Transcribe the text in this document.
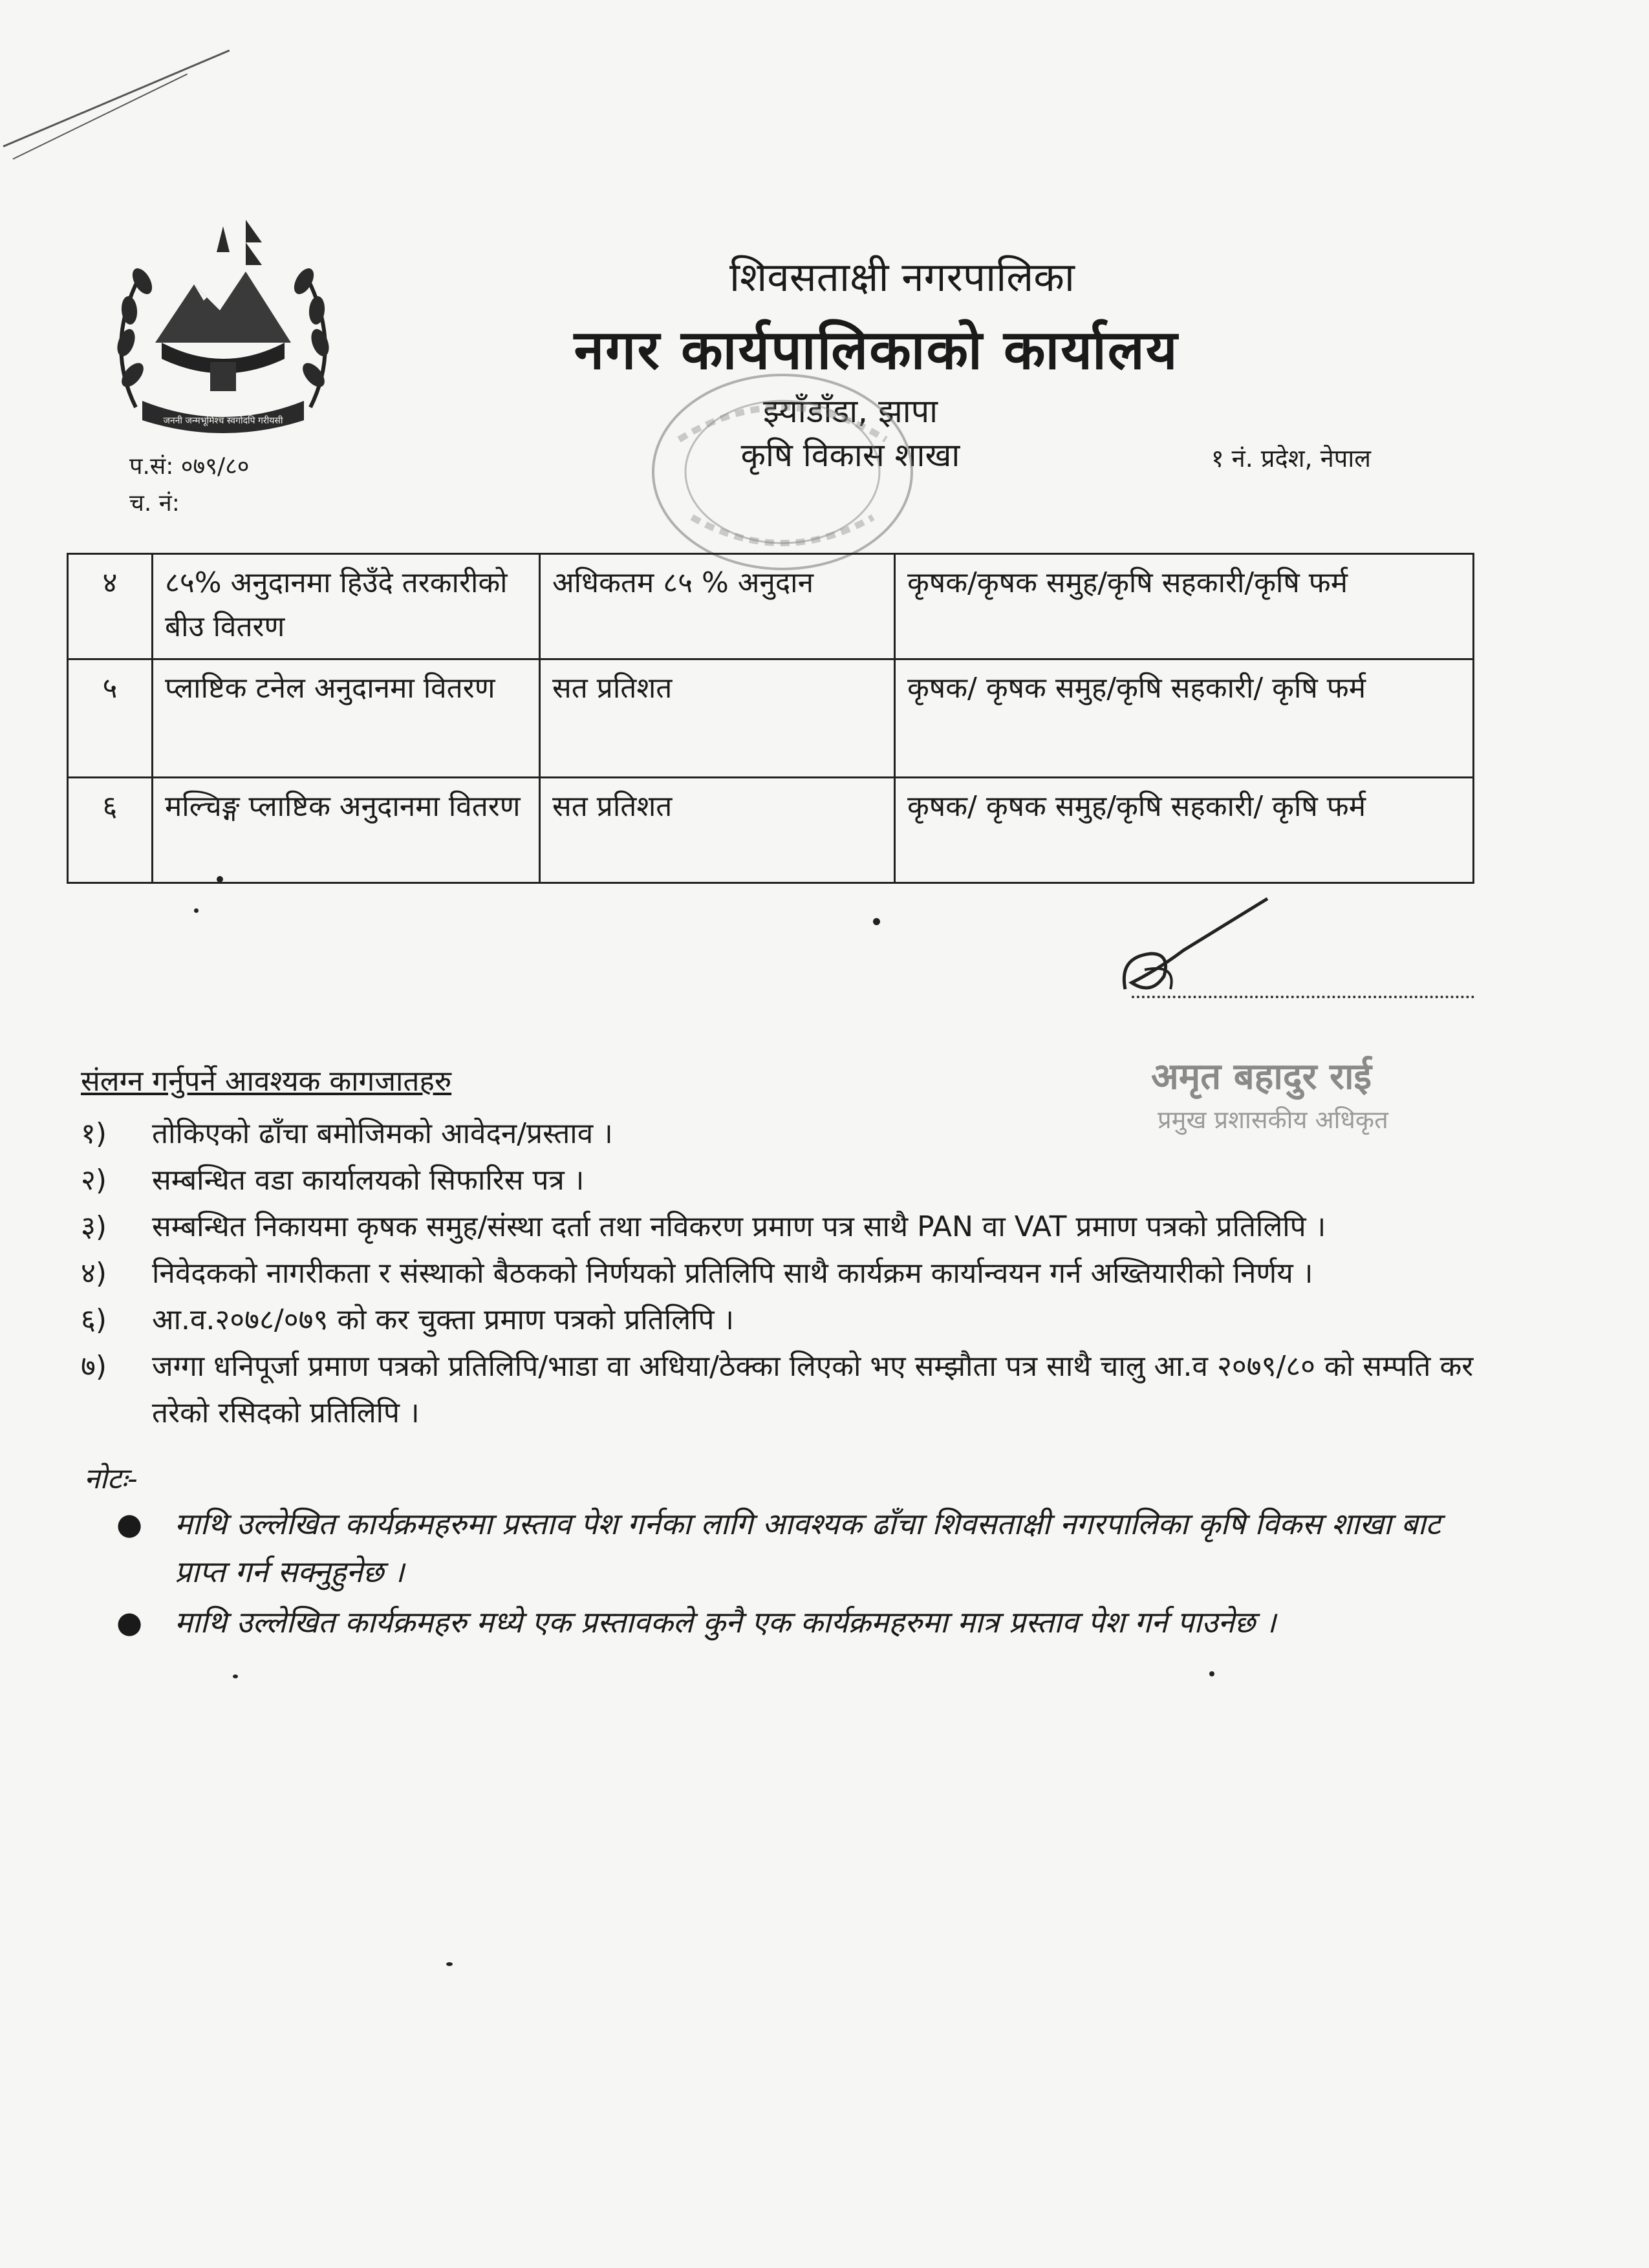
जननी जन्मभूमिश्च स्वर्गादपि गरीयसी
शिवसताक्षी नगरपालिका
नगर कार्यपालिकाको कार्यालय
झ्याँडाँडा, झापा
कृषि विकास शाखा
प.सं: ०७९/८०
च. नं:
१ नं. प्रदेश, नेपाल
४	८५% अनुदानमा हिउँदे तरकारीको बीउ वितरण	अधिकतम ८५ % अनुदान	कृषक/कृषक समुह/कृषि सहकारी/कृषि फर्म
५	प्लाष्टिक टनेल अनुदानमा वितरण	सत प्रतिशत	कृषक/ कृषक समुह/कृषि सहकारी/ कृषि फर्म
६	मल्चिङ्ग प्लाष्टिक अनुदानमा वितरण	सत प्रतिशत	कृषक/ कृषक समुह/कृषि सहकारी/ कृषि फर्म
अमृत बहादुर राई
प्रमुख प्रशासकीय अधिकृत
संलग्न गर्नुपर्ने आवश्यक कागजातहरु
१)	तोकिएको ढाँचा बमोजिमको आवेदन/प्रस्ताव ।
२)	सम्बन्धित वडा कार्यालयको सिफारिस पत्र ।
३)	सम्बन्धित निकायमा कृषक समुह/संस्था दर्ता तथा नविकरण प्रमाण पत्र साथै PAN वा VAT प्रमाण पत्रको प्रतिलिपि ।
४)	निवेदकको नागरीकता र संस्थाको बैठकको निर्णयको प्रतिलिपि साथै कार्यक्रम कार्यान्वयन गर्न अख्तियारीको निर्णय ।
६)	आ.व.२०७८/०७९ को कर चुक्ता प्रमाण पत्रको प्रतिलिपि ।
७)	जग्गा धनिपूर्जा प्रमाण पत्रको प्रतिलिपि/भाडा वा अधिया/ठेक्का लिएको भए सम्झौता पत्र साथै चालु आ.व २०७९/८० को सम्पति कर तरेको रसिदको प्रतिलिपि ।
नोटः-
●	माथि उल्लेखित कार्यक्रमहरुमा प्रस्ताव पेश गर्नका लागि आवश्यक ढाँचा शिवसताक्षी नगरपालिका कृषि विकस शाखा बाट प्राप्त गर्न सक्नुहुनेछ ।
●	माथि उल्लेखित कार्यक्रमहरु मध्ये एक प्रस्तावकले कुनै एक कार्यक्रमहरुमा मात्र प्रस्ताव पेश गर्न पाउनेछ ।
